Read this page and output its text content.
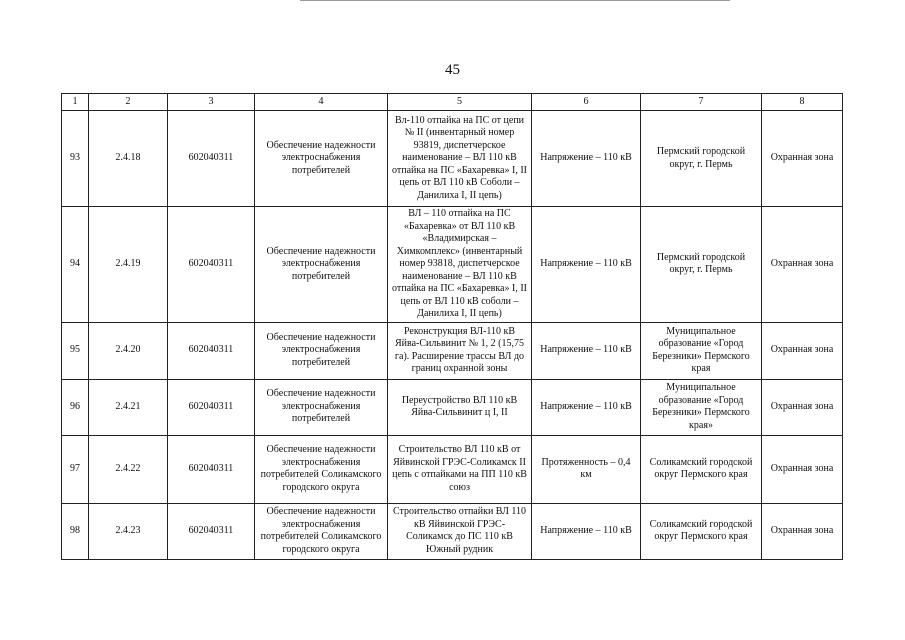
45
1	2	3	4	5	6	7	8
93	2.4.18	602040311	Обеспечение надежности электроснабжения потребителей	Вл-110 отпайка на ПС от цепи № II (инвентарный номер 93819, диспетчерское наименование – ВЛ 110 кВ отпайка на ПС «Бахаревка» I, II цепь от ВЛ 110 кВ Соболи – Данилиха I, II цепь)	Напряжение – 110 кВ	Пермский городской округ, г. Пермь	Охранная зона
94	2.4.19	602040311	Обеспечение надежности электроснабжения потребителей	ВЛ – 110 отпайка на ПС «Бахаревка» от ВЛ 110 кВ «Владимирская – Химкомплекс» (инвентарный номер 93818, диспетчерское наименование – ВЛ 110 кВ отпайка на ПС «Бахаревка» I, II цепь от ВЛ 110 кВ соболи – Данилиха I, II цепь)	Напряжение – 110 кВ	Пермский городской округ, г. Пермь	Охранная зона
95	2.4.20	602040311	Обеспечение надежности электроснабжения потребителей	Реконструкция ВЛ-110 кВ Яйва-Сильвинит № 1, 2 (15,75 га). Расширение трассы ВЛ до границ охранной зоны	Напряжение – 110 кВ	Муниципальное образование «Город Березники» Пермского края	Охранная зона
96	2.4.21	602040311	Обеспечение надежности электроснабжения потребителей	Переустройство ВЛ 110 кВ Яйва-Сильвинит ц I, II	Напряжение – 110 кВ	Муниципальное образование «Город Березники» Пермского края»	Охранная зона
97	2.4.22	602040311	Обеспечение надежности электроснабжения потребителей Соликамского городского округа	Строительство ВЛ 110 кВ от Яйвинской ГРЭС-Соликамск II цепь с отпайками на ПП 110 кВ союз	Протяженность – 0,4 км	Соликамский городской округ Пермского края	Охранная зона
98	2.4.23	602040311	Обеспечение надежности электроснабжения потребителей Соликамского городского округа	Строительство отпайки ВЛ 110 кВ Яйвинской ГРЭС-Соликамск до ПС 110 кВ Южный рудник	Напряжение – 110 кВ	Соликамский городской округ Пермского края	Охранная зона
